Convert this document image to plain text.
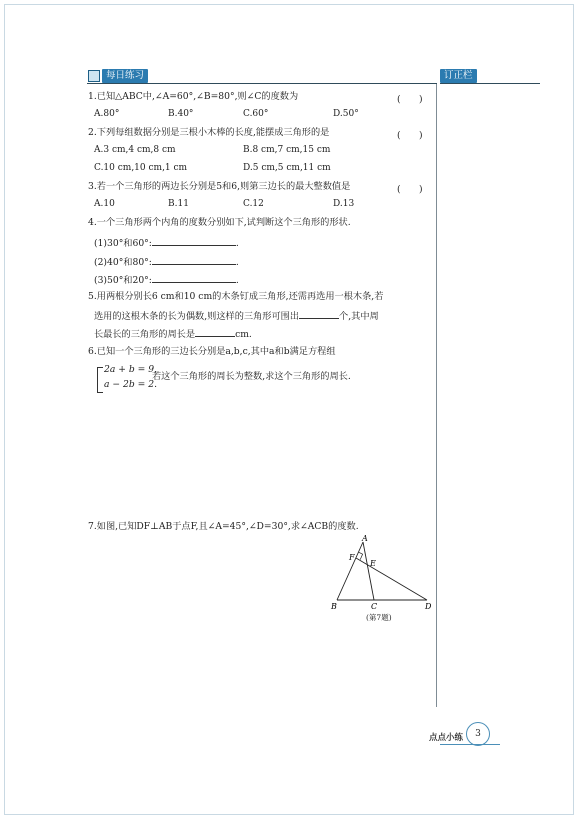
每日练习	订正栏
1.已知△ABC中,∠A=60°,∠B=80°,则∠C的度数为	(　　)
A.80°	B.40°	C.60°	D.50°
2.下列每组数据分别是三根小木棒的长度,能摆成三角形的是	(　　)
A.3 cm,4 cm,8 cm	B.8 cm,7 cm,15 cm
C.10 cm,10 cm,1 cm	D.5 cm,5 cm,11 cm
3.若一个三角形的两边长分别是5和6,则第三边长的最大整数值是	(　　)
A.10	B.11	C.12	D.13
4.一个三角形两个内角的度数分别如下,试判断这个三角形的形状.
(1)30°和60°:	.
(2)40°和80°:	.
(3)50°和20°:	.
5.用两根分别长6 cm和10 cm的木条钉成三角形,还需再选用一根木条,若
选用的这根木条的长为偶数,则这样的三角形可围出	个,其中周
长最长的三角形的周长是	cm.
6.已知一个三角形的三边长分别是a,b,c,其中a和b满足方程组
2a + b = 9,
a − 2b = 2.
若这个三角形的周长为整数,求这个三角形的周长.
7.如图,已知DF⊥AB于点F,且∠A=45°,∠D=30°,求∠ACB的度数.
A
B	C	D
E
F
(第7题)
点点小练	3
